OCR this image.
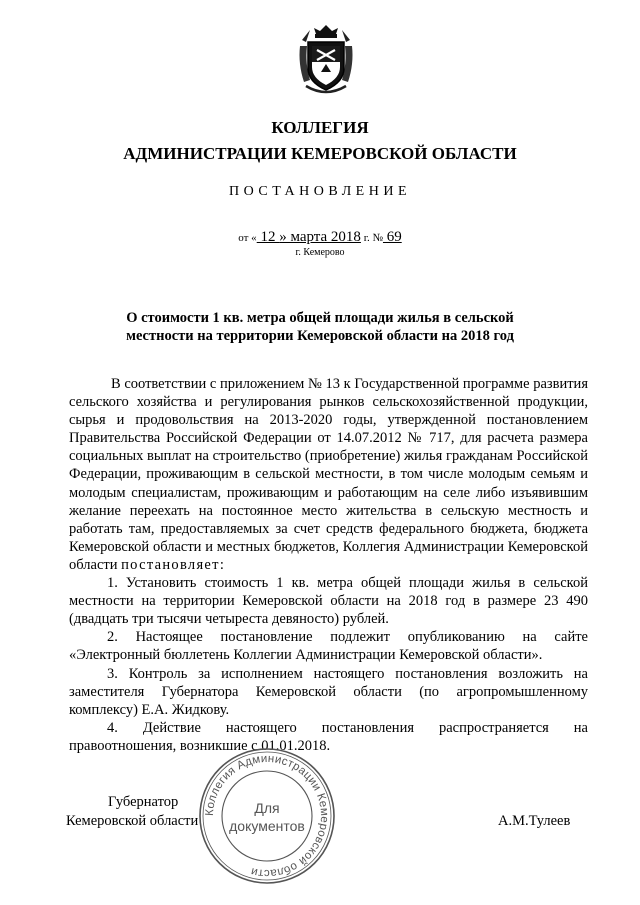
КОЛЛЕГИЯ
АДМИНИСТРАЦИИ КЕМЕРОВСКОЙ ОБЛАСТИ
ПОСТАНОВЛЕНИЕ
от « 12 » марта 2018 г. № 69
г. Кемерово
О стоимости 1 кв. метра общей площади жилья в сельской
местности на территории Кемеровской области на 2018 год

В соответствии с приложением № 13 к Государственной программе развития сельского хозяйства и регулирования рынков сельскохозяйственной продукции, сырья и продовольствия на 2013-2020 годы, утвержденной постановлением Правительства Российской Федерации от 14.07.2012 № 717, для расчета размера социальных выплат на строительство (приобретение) жилья гражданам Российской Федерации, проживающим в сельской местности, в том числе молодым семьям и молодым специалистам, проживающим и работающим на селе либо изъявившим желание переехать на постоянное место жительства в сельскую местность и работать там, предоставляемых за счет средств федерального бюджета, бюджета Кемеровской области и местных бюджетов, Коллегия Администрации Кемеровской области постановляет:

1. Установить стоимость 1 кв. метра общей площади жилья в сельской местности на территории Кемеровской области на 2018 год в размере 23 490 (двадцать три тысячи четыреста девяносто) рублей.

2. Настоящее постановление подлежит опубликованию на сайте «Электронный бюллетень Коллегии Администрации Кемеровской области».

3. Контроль за исполнением настоящего постановления возложить на заместителя Губернатора Кемеровской области (по агропромышленному комплексу) Е.А. Жидкову.

4. Действие настоящего постановления распространяется на правоотношения, возникшие с 01.01.2018.

Губернатор
Кемеровской области	А.М.Тулеев
Коллегия Администрации Кемеровской области
Для
документов
